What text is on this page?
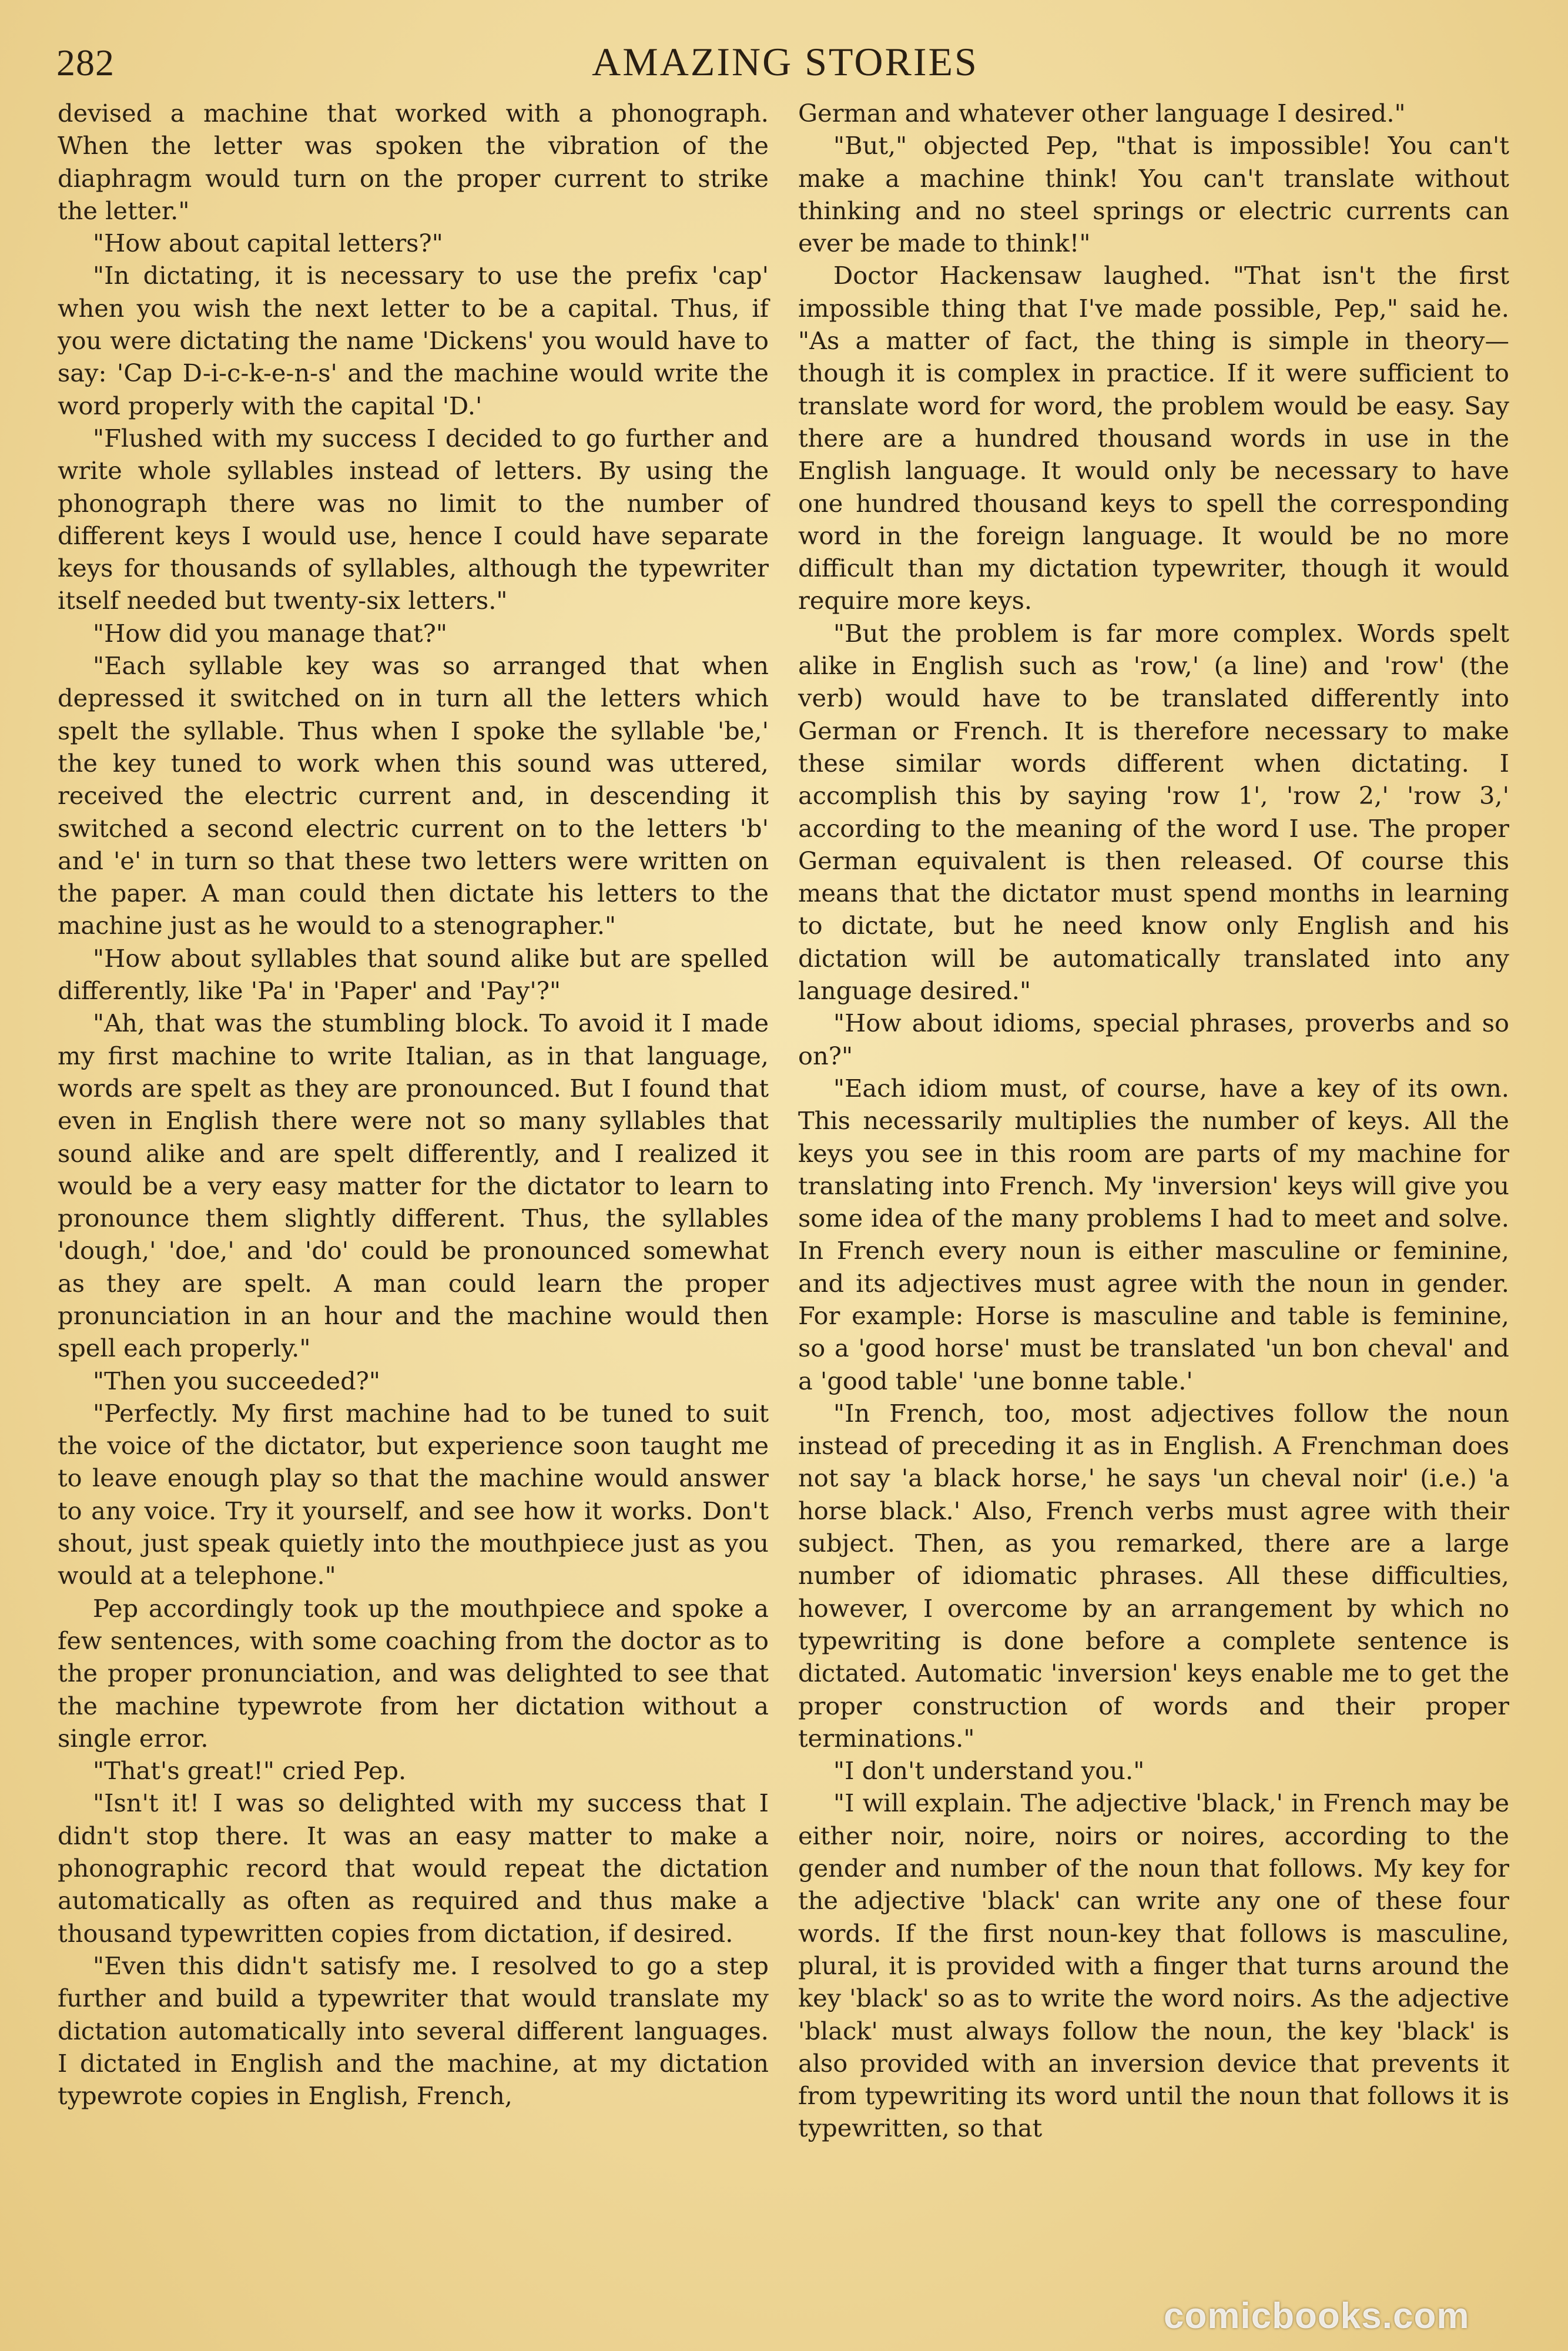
282	AMAZING STORIES

devised a machine that worked with a phonograph. When the letter was spoken the vibration of the diaphragm would turn on the proper current to strike the letter."

"How about capital letters?"

"In dictating, it is necessary to use the prefix 'cap' when you wish the next letter to be a capital. Thus, if you were dictating the name 'Dickens' you would have to say: 'Cap D-i-c-k-e-n-s' and the machine would write the word properly with the capital 'D.'

"Flushed with my success I decided to go further and write whole syllables instead of letters. By using the phonograph there was no limit to the number of different keys I would use, hence I could have separate keys for thousands of syllables, although the typewriter itself needed but twenty-six letters."

"How did you manage that?"

"Each syllable key was so arranged that when depressed it switched on in turn all the letters which spelt the syllable. Thus when I spoke the syllable 'be,' the key tuned to work when this sound was uttered, received the electric current and, in descending it switched a second electric current on to the letters 'b' and 'e' in turn so that these two letters were written on the paper. A man could then dictate his letters to the machine just as he would to a stenographer."

"How about syllables that sound alike but are spelled differently, like 'Pa' in 'Paper' and 'Pay'?"

"Ah, that was the stumbling block. To avoid it I made my first machine to write Italian, as in that language, words are spelt as they are pronounced. But I found that even in English there were not so many syllables that sound alike and are spelt differently, and I realized it would be a very easy matter for the dictator to learn to pronounce them slightly different. Thus, the syllables 'dough,' 'doe,' and 'do' could be pronounced somewhat as they are spelt. A man could learn the proper pronunciation in an hour and the machine would then spell each properly."

"Then you succeeded?"

"Perfectly. My first machine had to be tuned to suit the voice of the dictator, but experience soon taught me to leave enough play so that the machine would answer to any voice. Try it yourself, and see how it works. Don't shout, just speak quietly into the mouthpiece just as you would at a telephone."

Pep accordingly took up the mouthpiece and spoke a few sentences, with some coaching from the doctor as to the proper pronunciation, and was delighted to see that the machine typewrote from her dictation without a single error.

"That's great!" cried Pep.

"Isn't it! I was so delighted with my success that I didn't stop there. It was an easy matter to make a phonographic record that would repeat the dictation automatically as often as required and thus make a thousand typewritten copies from dictation, if desired.

"Even this didn't satisfy me. I resolved to go a step further and build a typewriter that would translate my dictation automatically into several different languages. I dictated in English and the machine, at my dictation typewrote copies in English, French,

German and whatever other language I desired."

"But," objected Pep, "that is impossible! You can't make a machine think! You can't translate without thinking and no steel springs or electric currents can ever be made to think!"

Doctor Hackensaw laughed. "That isn't the first impossible thing that I've made possible, Pep," said he. "As a matter of fact, the thing is simple in theory—though it is complex in practice. If it were sufficient to translate word for word, the problem would be easy. Say there are a hundred thousand words in use in the English language. It would only be necessary to have one hundred thousand keys to spell the corresponding word in the foreign language. It would be no more difficult than my dictation typewriter, though it would require more keys.

"But the problem is far more complex. Words spelt alike in English such as 'row,' (a line) and 'row' (the verb) would have to be translated differently into German or French. It is therefore necessary to make these similar words different when dictating. I accomplish this by saying 'row 1', 'row 2,' 'row 3,' according to the meaning of the word I use. The proper German equivalent is then released. Of course this means that the dictator must spend months in learning to dictate, but he need know only English and his dictation will be automatically translated into any language desired."

"How about idioms, special phrases, proverbs and so on?"

"Each idiom must, of course, have a key of its own. This necessarily multiplies the number of keys. All the keys you see in this room are parts of my machine for translating into French. My 'inversion' keys will give you some idea of the many problems I had to meet and solve. In French every noun is either masculine or feminine, and its adjectives must agree with the noun in gender. For example: Horse is masculine and table is feminine, so a 'good horse' must be translated 'un bon cheval' and a 'good table' 'une bonne table.'

"In French, too, most adjectives follow the noun instead of preceding it as in English. A Frenchman does not say 'a black horse,' he says 'un cheval noir' (i.e.) 'a horse black.' Also, French verbs must agree with their subject. Then, as you remarked, there are a large number of idiomatic phrases. All these difficulties, however, I overcome by an arrangement by which no typewriting is done before a complete sentence is dictated. Automatic 'inversion' keys enable me to get the proper construction of words and their proper terminations."

"I don't understand you."

"I will explain. The adjective 'black,' in French may be either noir, noire, noirs or noires, according to the gender and number of the noun that follows. My key for the adjective 'black' can write any one of these four words. If the first noun-key that follows is masculine, plural, it is provided with a finger that turns around the key 'black' so as to write the word noirs. As the adjective 'black' must always follow the noun, the key 'black' is also provided with an inversion device that prevents it from typewriting its word until the noun that follows it is typewritten, so that

comicbooks.com
